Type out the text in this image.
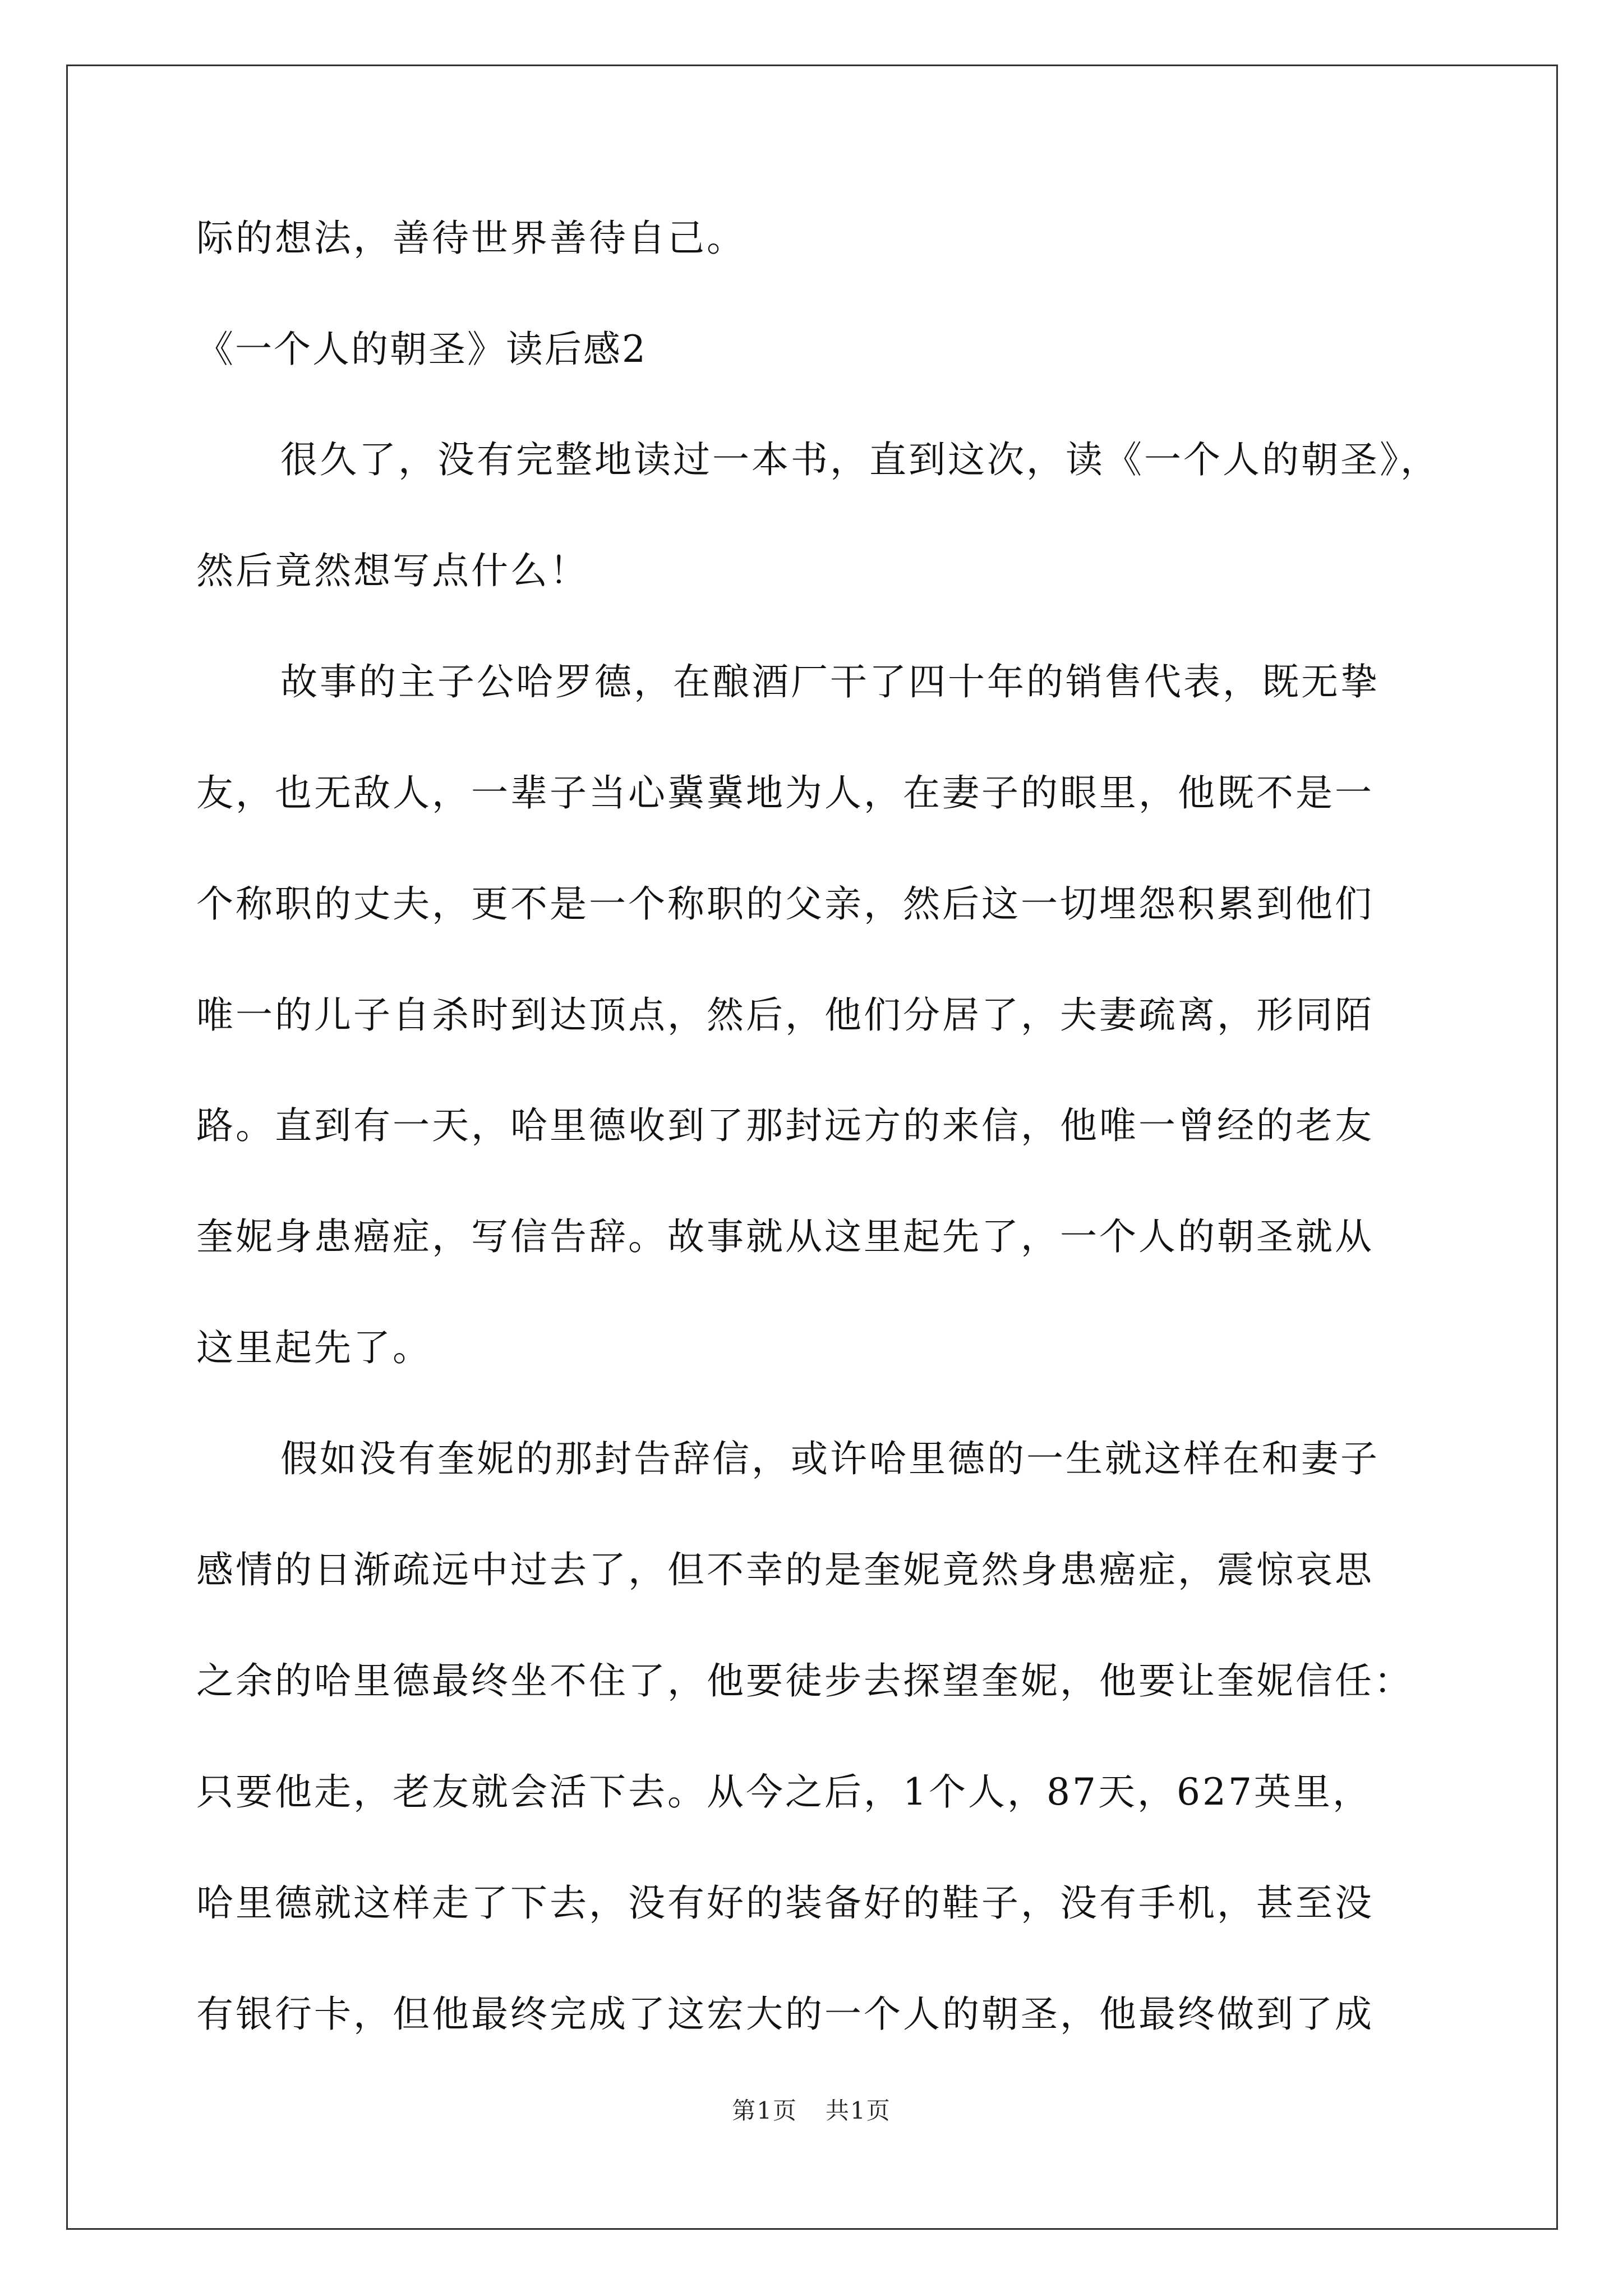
际的想法，善待世界善待自己。
《一个人的朝圣》读后感2
很久了，没有完整地读过一本书，直到这次，读《一个人的朝圣》，
然后竟然想写点什么！
故事的主子公哈罗德，在酿酒厂干了四十年的销售代表，既无挚
友，也无敌人，一辈子当心冀冀地为人，在妻子的眼里，他既不是一
个称职的丈夫，更不是一个称职的父亲，然后这一切埋怨积累到他们
唯一的儿子自杀时到达顶点，然后，他们分居了，夫妻疏离，形同陌
路。直到有一天，哈里德收到了那封远方的来信，他唯一曾经的老友
奎妮身患癌症，写信告辞。故事就从这里起先了，一个人的朝圣就从
这里起先了。
假如没有奎妮的那封告辞信，或许哈里德的一生就这样在和妻子
感情的日渐疏远中过去了，但不幸的是奎妮竟然身患癌症，震惊哀思
之余的哈里德最终坐不住了，他要徒步去探望奎妮，他要让奎妮信任：
只要他走，老友就会活下去。从今之后，1个人，87天，627英里，
哈里德就这样走了下去，没有好的装备好的鞋子，没有手机，甚至没
有银行卡，但他最终完成了这宏大的一个人的朝圣，他最终做到了成
第1页 共1页
